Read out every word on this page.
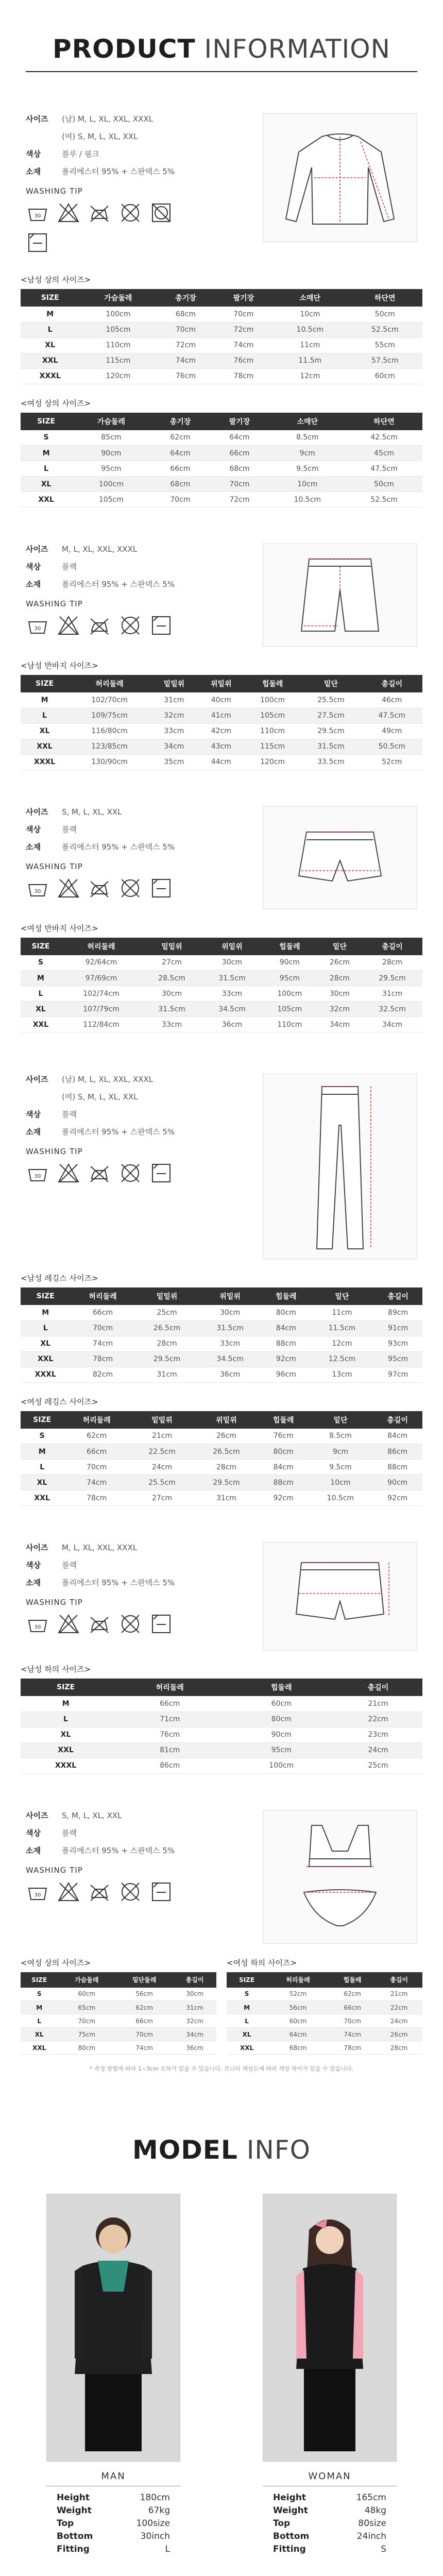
PRODUCT INFORMATION
사이즈	(남) M, L, XL, XXL, XXXL
(여) S, M, L, XL, XXL
색상	블루 / 핑크
소재	폴리에스터 95% + 스판덱스 5%
WASHING TIP
30
<남성 상의 사이즈>
SIZE	가슴둘레	총기장	팔기장	소매단	하단면
M	100cm	68cm	70cm	10cm	50cm
L	105cm	70cm	72cm	10.5cm	52.5cm
XL	110cm	72cm	74cm	11cm	55cm
XXL	115cm	74cm	76cm	11.5m	57.5cm
XXXL	120cm	76cm	78cm	12cm	60cm
<여성 상의 사이즈>
SIZE	가슴둘레	총기장	팔기장	소매단	하단면
S	85cm	62cm	64cm	8.5cm	42.5cm
M	90cm	64cm	66cm	9cm	45cm
L	95cm	66cm	68cm	9.5cm	47.5cm
XL	100cm	68cm	70cm	10cm	50cm
XXL	105cm	70cm	72cm	10.5cm	52.5cm
사이즈	M, L, XL, XXL, XXXL
색상	블랙
소재	폴리에스터 95% + 스판덱스 5%
WASHING TIP
30
<남성 반바지 사이즈>
SIZE	허리둘레	밑밑위	위밑위	힙둘레	밑단	총길이
M	102/70cm	31cm	40cm	100cm	25.5cm	46cm
L	109/75cm	32cm	41cm	105cm	27.5cm	47.5cm
XL	116/80cm	33cm	42cm	110cm	29.5cm	49cm
XXL	123/85cm	34cm	43cm	115cm	31.5cm	50.5cm
XXXL	130/90cm	35cm	44cm	120cm	33.5cm	52cm
사이즈	S, M, L, XL, XXL
색상	블랙
소재	폴리에스터 95% + 스판덱스 5%
WASHING TIP
30
<여성 반바지 사이즈>
SIZE	허리둘레	밑밑위	위밑위	힙둘레	밑단	총길이
S	92/64cm	27cm	30cm	90cm	26cm	28cm
M	97/69cm	28.5cm	31.5cm	95cm	28cm	29.5cm
L	102/74cm	30cm	33cm	100cm	30cm	31cm
XL	107/79cm	31.5cm	34.5cm	105cm	32cm	32.5cm
XXL	112/84cm	33cm	36cm	110cm	34cm	34cm
사이즈	(남) M, L, XL, XXL, XXXL
(여) S, M, L, XL, XXL
색상	블랙
소재	폴리에스터 95% + 스판덱스 5%
WASHING TIP
30
<남성 레깅스 사이즈>
SIZE	허리둘레	밑밑위	위밑위	힙둘레	밑단	총길이
M	66cm	25cm	30cm	80cm	11cm	89cm
L	70cm	26.5cm	31.5cm	84cm	11.5cm	91cm
XL	74cm	28cm	33cm	88cm	12cm	93cm
XXL	78cm	29.5cm	34.5cm	92cm	12.5cm	95cm
XXXL	82cm	31cm	36cm	96cm	13cm	97cm
<여성 레깅스 사이즈>
SIZE	허리둘레	밑밑위	위밑위	힙둘레	밑단	총길이
S	62cm	21cm	26cm	76cm	8.5cm	84cm
M	66cm	22.5cm	26.5cm	80cm	9cm	86cm
L	70cm	24cm	28cm	84cm	9.5cm	88cm
XL	74cm	25.5cm	29.5cm	88cm	10cm	90cm
XXL	78cm	27cm	31cm	92cm	10.5cm	92cm
사이즈	M, L, XL, XXL, XXXL
색상	블랙
소재	폴리에스터 95% + 스판덱스 5%
WASHING TIP
30
<남성 하의 사이즈>
SIZE	허리둘레	힙둘레	총길이
M	66cm	60cm	21cm
L	71cm	80cm	22cm
XL	76cm	90cm	23cm
XXL	81cm	95cm	24cm
XXXL	86cm	100cm	25cm
사이즈	S, M, L, XL, XXL
색상	블랙
소재	폴리에스터 95% + 스판덱스 5%
WASHING TIP
30
<여성 상의 사이즈>
SIZE	가슴둘레	밑단둘레	총길이
S	60cm	56cm	30cm
M	65cm	62cm	31cm
L	70cm	66cm	32cm
XL	75cm	70cm	34cm
XXL	80cm	74cm	36cm
<여성 하의 사이즈>
SIZE	허리둘레	힙둘레	총길이
S	52cm	62cm	21cm
M	56cm	66cm	22cm
L	60cm	70cm	24cm
XL	64cm	74cm	26cm
XXL	68cm	78cm	28cm
* 측정 방법에 따라 1~3cm 오차가 있을 수 있습니다. 모니터 해상도에 따라 색상 차이가 있을 수 있습니다.
MODEL INFO
MAN
Height	180cm
Weight	67kg
Top	100size
Bottom	30inch
Fitting	L
WOMAN
Height	165cm
Weight	48kg
Top	80size
Bottom	24inch
Fitting	S
